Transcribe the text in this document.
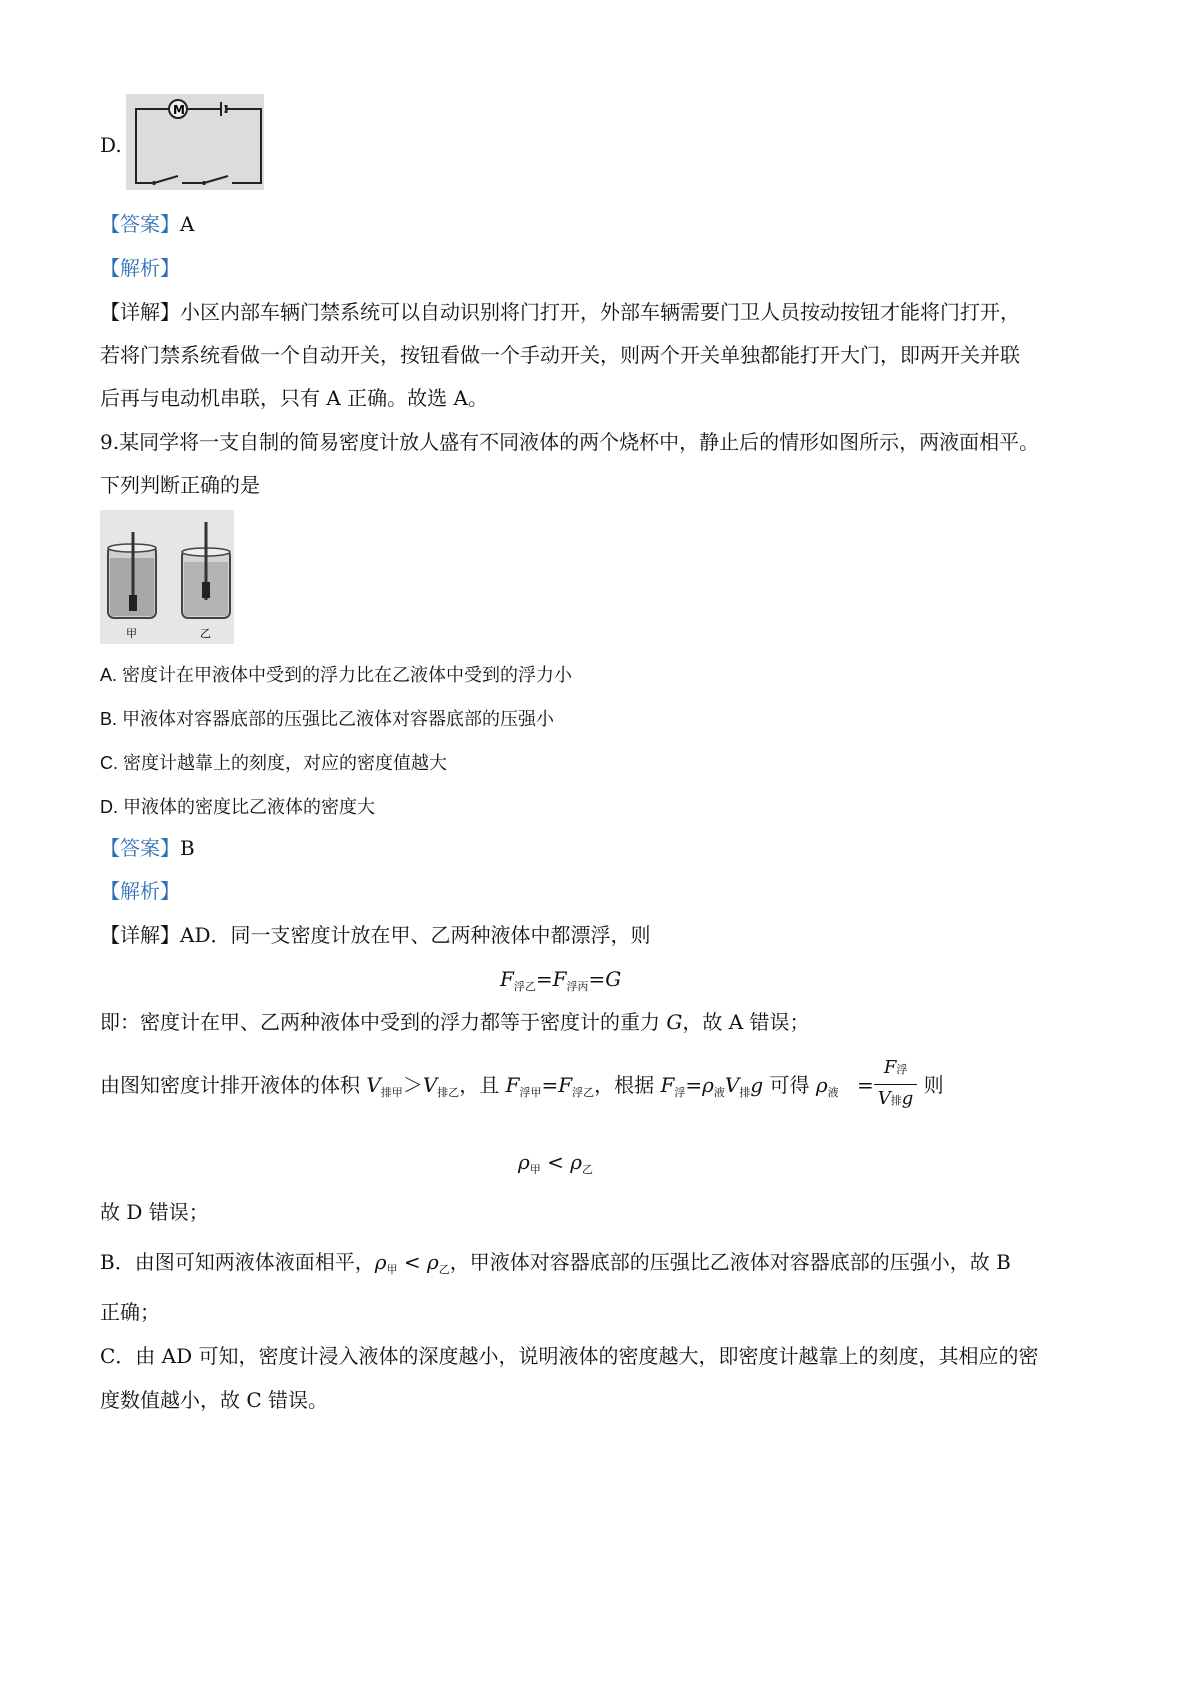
D.
M
【答案】A
【解析】
【详解】小区内部车辆门禁系统可以自动识别将门打开，外部车辆需要门卫人员按动按钮才能将门打开，
若将门禁系统看做一个自动开关，按钮看做一个手动开关，则两个开关单独都能打开大门，即两开关并联
后再与电动机串联，只有 A 正确。故选 A。
9.某同学将一支自制的简易密度计放人盛有不同液体的两个烧杯中，静止后的情形如图所示，两液面相平。
下列判断正确的是
甲	乙
A. 密度计在甲液体中受到的浮力比在乙液体中受到的浮力小
B. 甲液体对容器底部的压强比乙液体对容器底部的压强小
C. 密度计越靠上的刻度，对应的密度值越大
D. 甲液体的密度比乙液体的密度大
【答案】B
【解析】
【详解】AD．同一支密度计放在甲、乙两种液体中都漂浮，则
$F_{浮乙}=F_{浮丙}=G$
即：密度计在甲、乙两种液体中受到的浮力都等于密度计的重力 G，故 A 错误；
由图知密度计排开液体的体积 $V_{排甲}>V_{排乙}$，且 $F_{浮甲}=F_{浮乙}$，根据 $F_浮=\rho_液V_排g$ 可得 $\rho_液 = \frac{\text{F浮}}{\text{V排g}}$ 则
$\rho_甲 < \rho_乙$
故 D 错误；
B．由图可知两液体液面相平，$\rho_甲 < \rho_乙$，甲液体对容器底部的压强比乙液体对容器底部的压强小，故 B
正确；
C．由 AD 可知，密度计浸入液体的深度越小，说明液体的密度越大，即密度计越靠上的刻度，其相应的密
度数值越小，故 C 错误。
